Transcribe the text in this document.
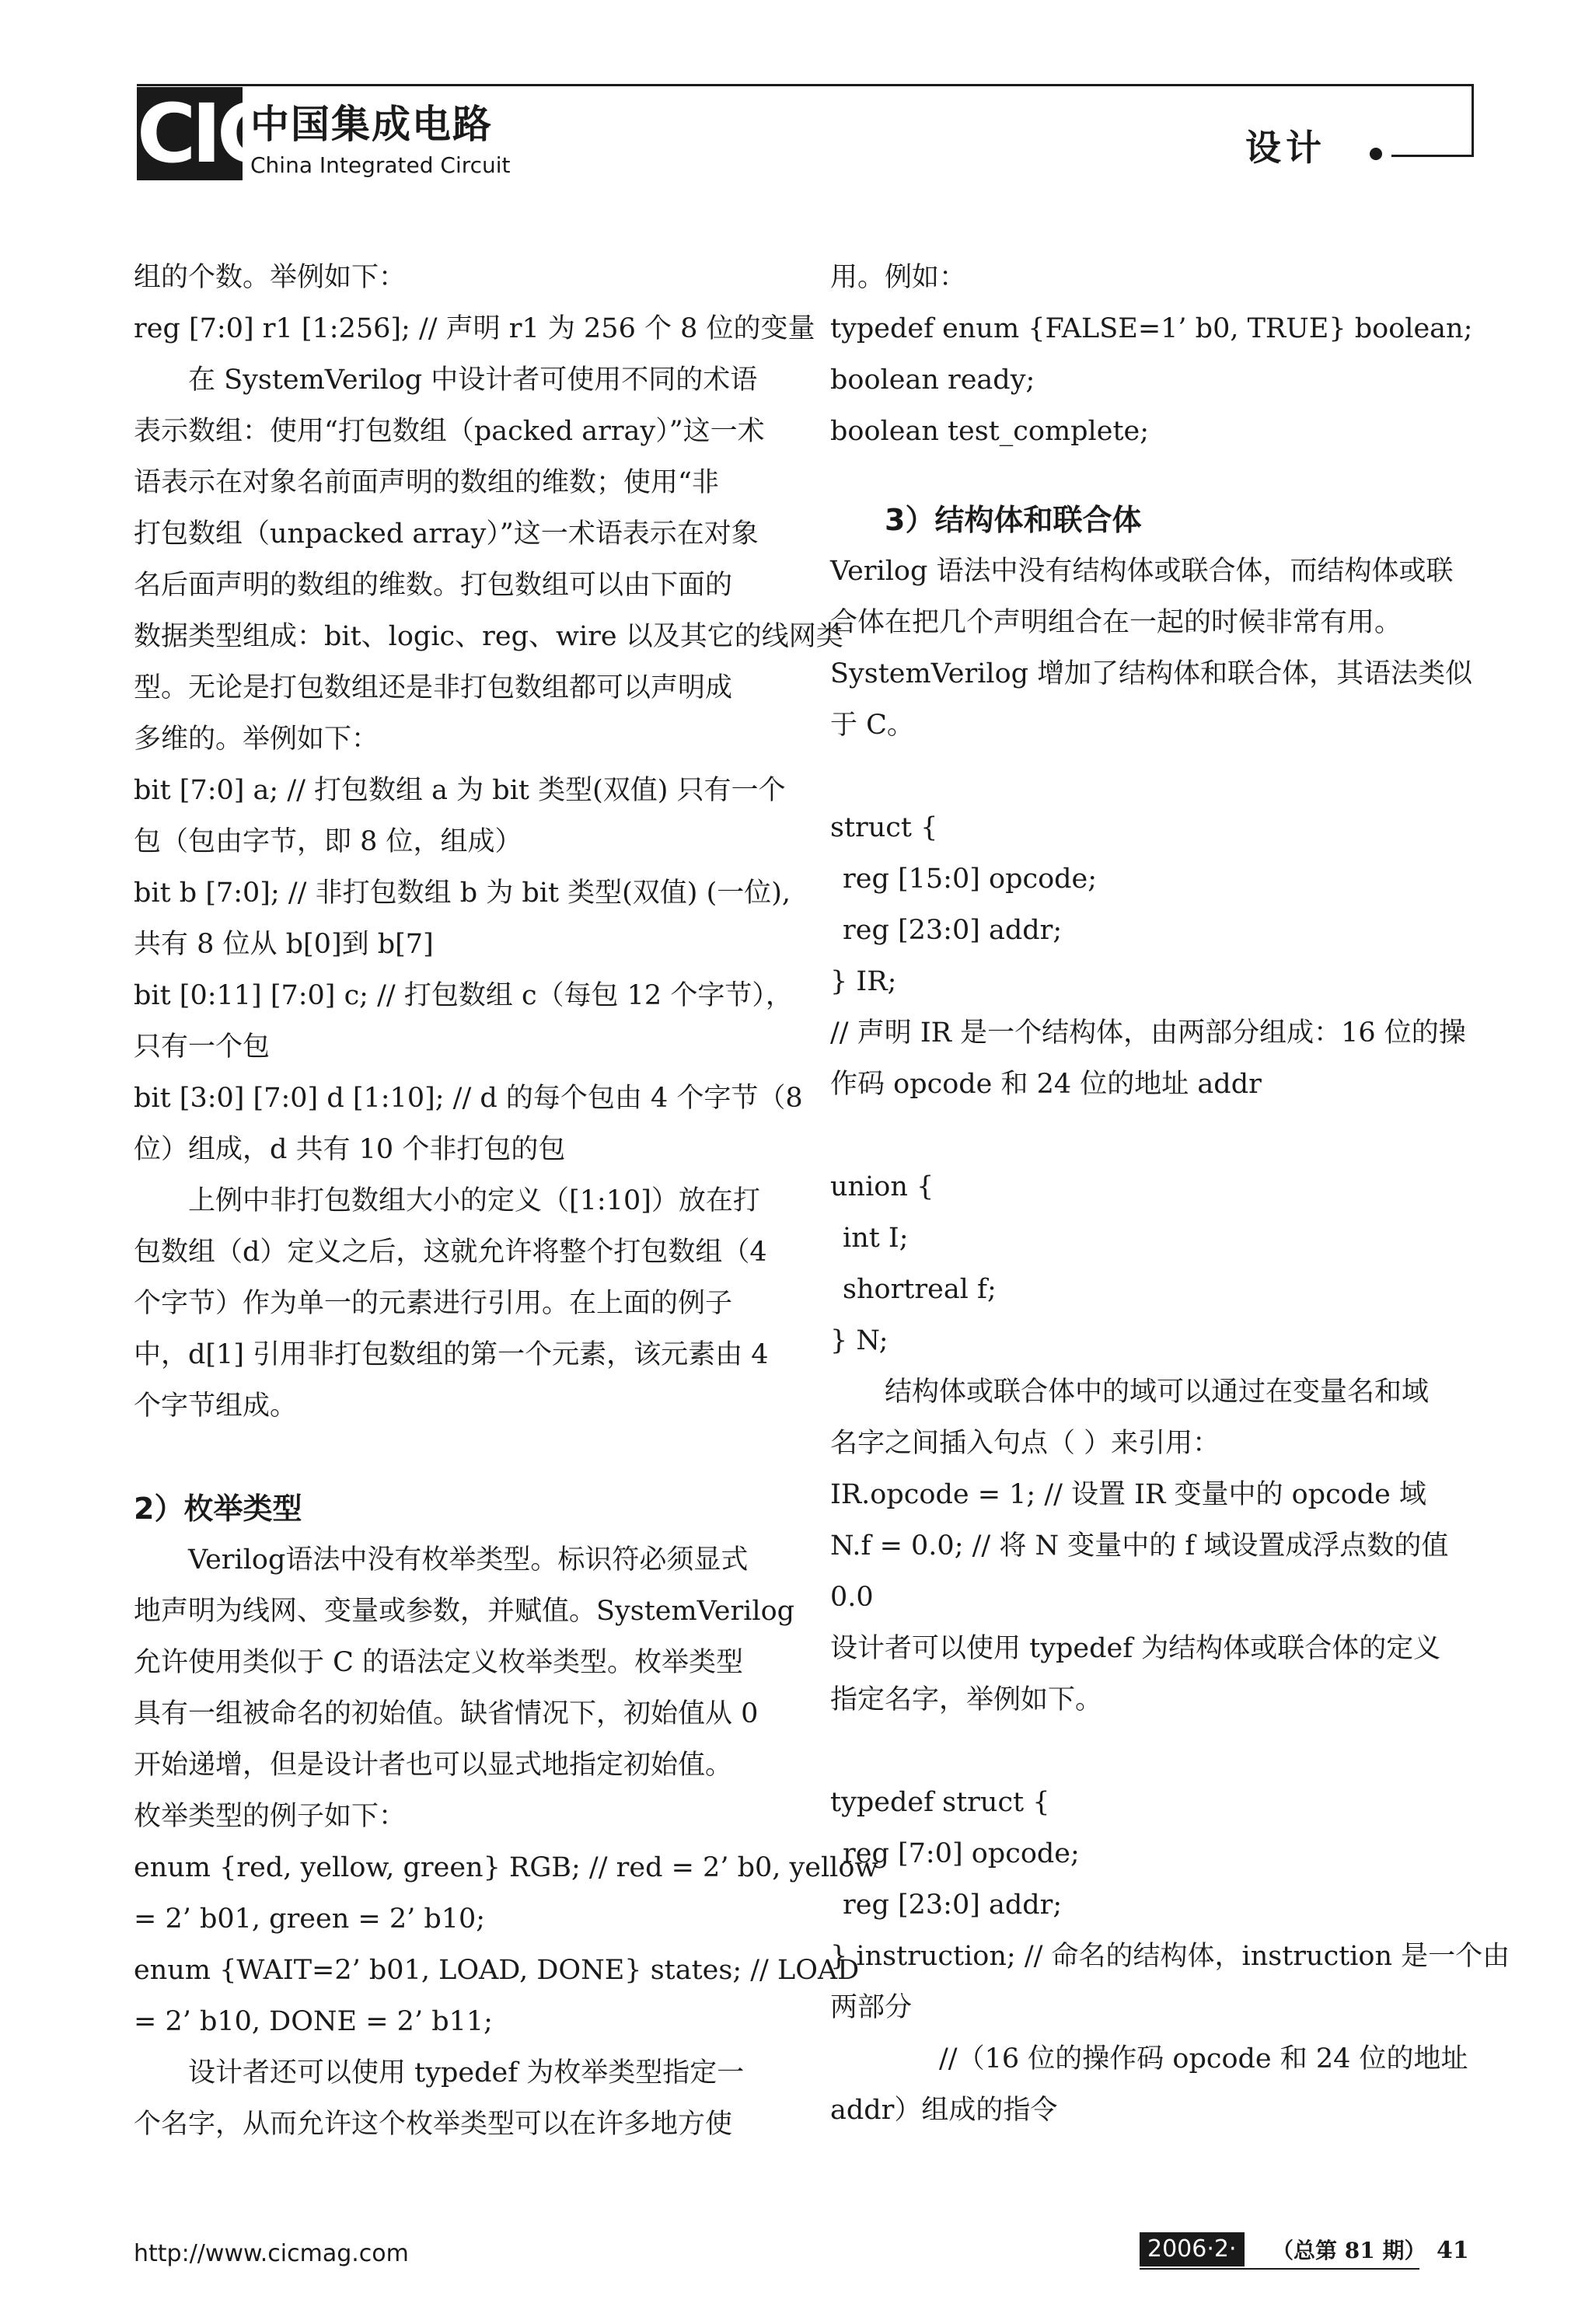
CIC
中国集成电路
China Integrated Circuit	设计
组的个数。举例如下：
reg [7:0] r1 [1:256]; // 声明 r1 为 256 个 8 位的变量
在 SystemVerilog 中设计者可使用不同的术语
表示数组：使用“打包数组（packed array）”这一术
语表示在对象名前面声明的数组的维数；使用“非
打包数组（unpacked array）”这一术语表示在对象
名后面声明的数组的维数。打包数组可以由下面的
数据类型组成：bit、logic、reg、wire 以及其它的线网类
型。无论是打包数组还是非打包数组都可以声明成
多维的。举例如下：
bit [7:0] a; // 打包数组 a 为 bit 类型(双值) 只有一个
包（包由字节，即 8 位，组成）
bit b [7:0]; // 非打包数组 b 为 bit 类型(双值) (一位),
共有 8 位从 b[0]到 b[7]
bit [0:11] [7:0] c; // 打包数组 c（每包 12 个字节），
只有一个包
bit [3:0] [7:0] d [1:10]; // d 的每个包由 4 个字节（8
位）组成，d 共有 10 个非打包的包
上例中非打包数组大小的定义（[1:10]）放在打
包数组（d）定义之后，这就允许将整个打包数组（4
个字节）作为单一的元素进行引用。在上面的例子
中，d[1] 引用非打包数组的第一个元素，该元素由 4
个字节组成。
2）枚举类型
Verilog语法中没有枚举类型。标识符必须显式
地声明为线网、变量或参数，并赋值。SystemVerilog
允许使用类似于 C 的语法定义枚举类型。枚举类型
具有一组被命名的初始值。缺省情况下，初始值从 0
开始递增，但是设计者也可以显式地指定初始值。
枚举类型的例子如下：
enum {red, yellow, green} RGB; // red = 2’ b0, yellow
= 2’ b01, green = 2’ b10;
enum {WAIT=2’ b01, LOAD, DONE} states; // LOAD
= 2’ b10, DONE = 2’ b11;
设计者还可以使用 typedef 为枚举类型指定一
个名字，从而允许这个枚举类型可以在许多地方使
用。例如：
typedef enum {FALSE=1’ b0, TRUE} boolean;
boolean ready;
boolean test_complete;
3）结构体和联合体
Verilog 语法中没有结构体或联合体，而结构体或联
合体在把几个声明组合在一起的时候非常有用。
SystemVerilog 增加了结构体和联合体，其语法类似
于 C。
struct {
reg [15:0] opcode;
reg [23:0] addr;
} IR;
// 声明 IR 是一个结构体，由两部分组成：16 位的操
作码 opcode 和 24 位的地址 addr
union {
int I;
shortreal f;
} N;
结构体或联合体中的域可以通过在变量名和域
名字之间插入句点（ ）来引用：
IR.opcode = 1; // 设置 IR 变量中的 opcode 域
N.f = 0.0; // 将 N 变量中的 f 域设置成浮点数的值
0.0
设计者可以使用 typedef 为结构体或联合体的定义
指定名字，举例如下。
typedef struct {
reg [7:0] opcode;
reg [23:0] addr;
} instruction; // 命名的结构体，instruction 是一个由
两部分
//（16 位的操作码 opcode 和 24 位的地址
addr）组成的指令
http://www.cicmag.com	2006·2·	（总第 81 期） 41
